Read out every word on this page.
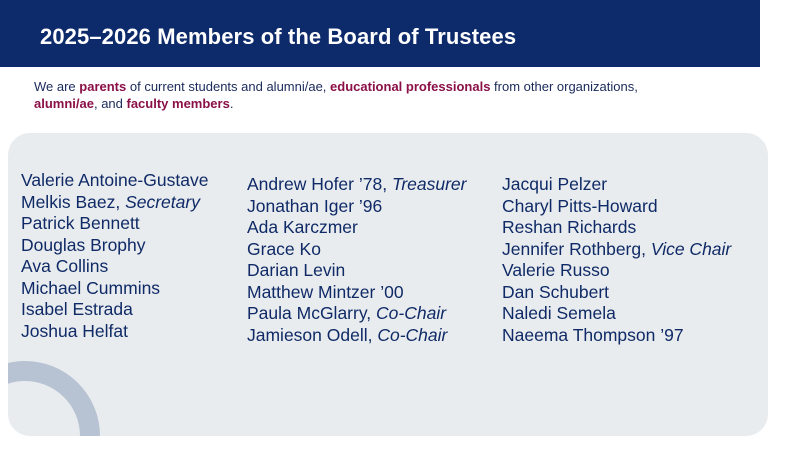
2025–2026 Members of the Board of Trustees

We are parents of current students and alumni/ae, educational professionals from other organizations,
alumni/ae, and faculty members.

Valerie Antoine-Gustave
Melkis Baez, Secretary
Patrick Bennett
Douglas Brophy
Ava Collins
Michael Cummins
Isabel Estrada
Joshua Helfat
Andrew Hofer ’78, Treasurer
Jonathan Iger ’96
Ada Karczmer
Grace Ko
Darian Levin
Matthew Mintzer ’00
Paula McGlarry, Co-Chair
Jamieson Odell, Co-Chair
Jacqui Pelzer
Charyl Pitts-Howard
Reshan Richards
Jennifer Rothberg, Vice Chair
Valerie Russo
Dan Schubert
Naledi Semela
Naeema Thompson ’97
